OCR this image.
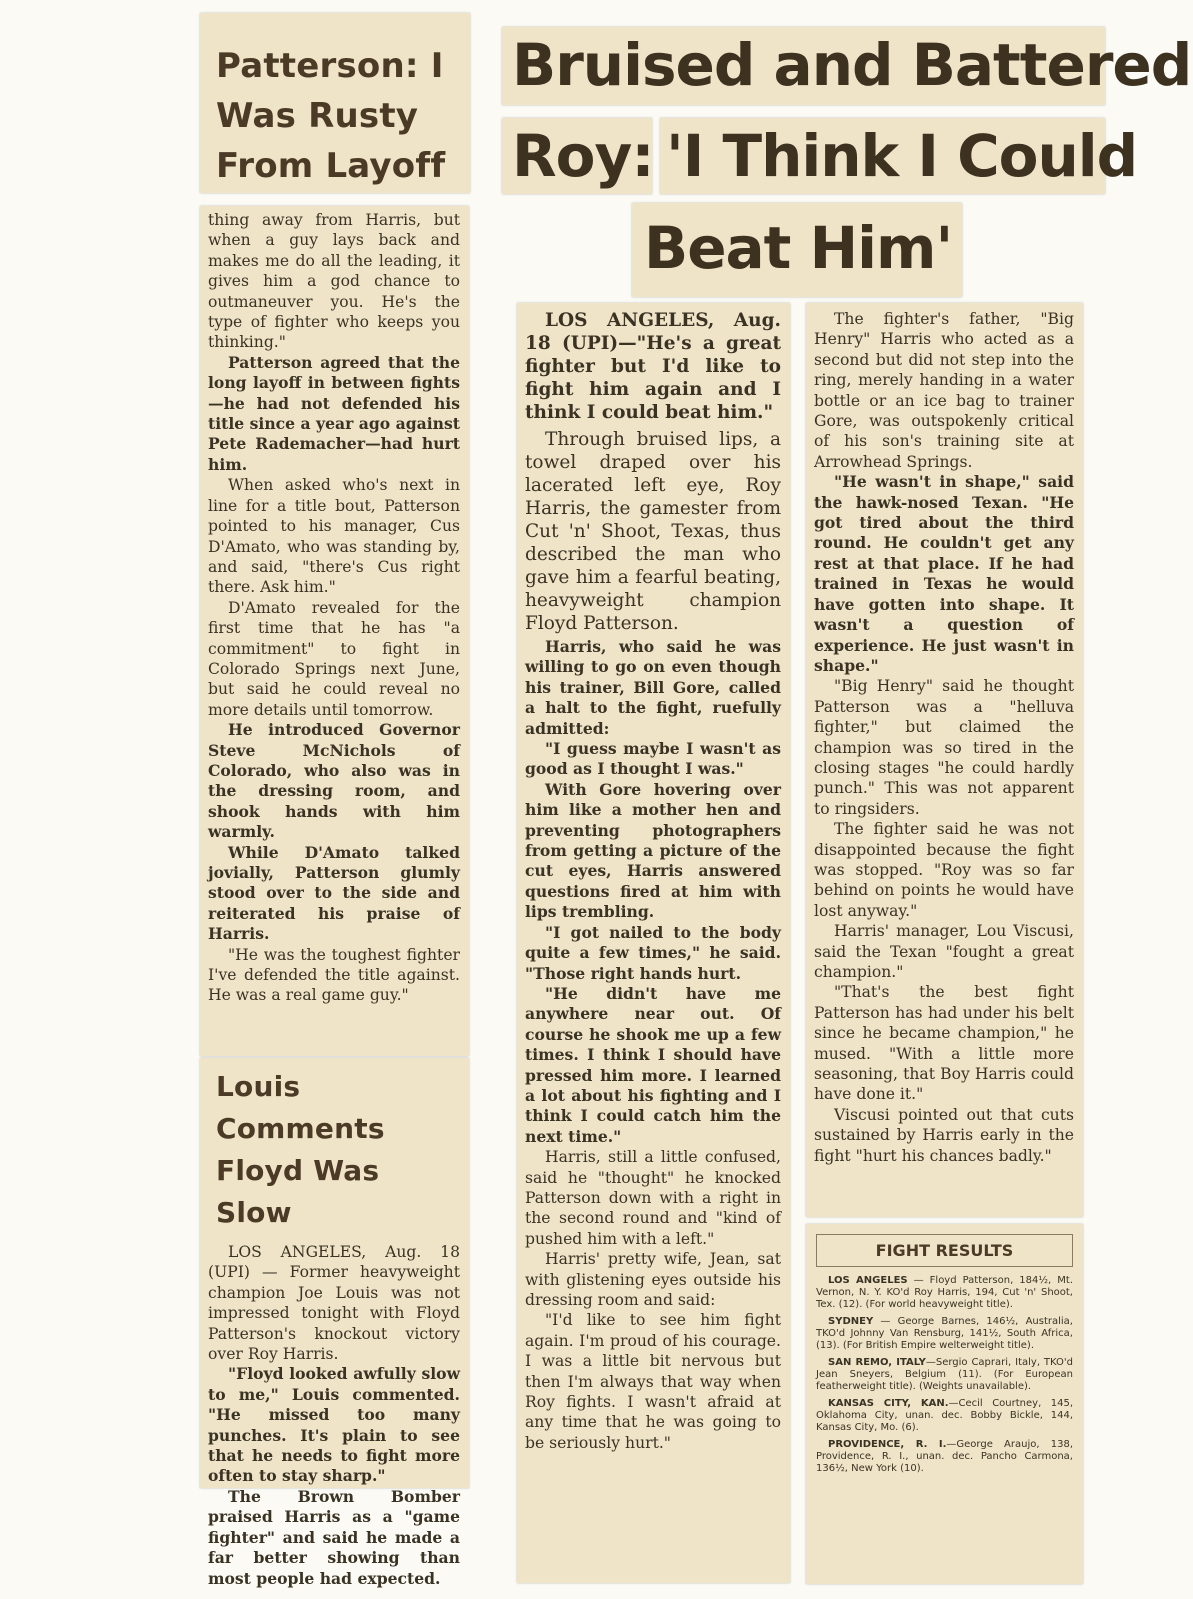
Patterson: I Was Rusty From Layoff

thing away from Harris, but when a guy lays back and makes me do all the leading, it gives him a god chance to outmaneuver you. He's the type of fighter who keeps you thinking."

Patterson agreed that the long layoff in between fights —he had not defended his title since a year ago against Pete Rademacher—had hurt him.

When asked who's next in line for a title bout, Patterson pointed to his manager, Cus D'Amato, who was standing by, and said, "there's Cus right there. Ask him."

D'Amato revealed for the first time that he has "a commitment" to fight in Colorado Springs next June, but said he could reveal no more details until tomorrow.

He introduced Governor Steve McNichols of Colorado, who also was in the dressing room, and shook hands with him warmly.

While D'Amato talked jovially, Patterson glumly stood over to the side and reiterated his praise of Harris.

"He was the toughest fighter I've defended the title against. He was a real game guy."

Louis Comments Floyd Was Slow

LOS ANGELES, Aug. 18 (UPI) — Former heavyweight champion Joe Louis was not impressed tonight with Floyd Patterson's knockout victory over Roy Harris.

"Floyd looked awfully slow to me," Louis commented. "He missed too many punches. It's plain to see that he needs to fight more often to stay sharp."

The Brown Bomber praised Harris as a "game fighter" and said he made a far better showing than most people had expected.

Bruised and Battered
Roy: 'I Think I Could
Beat Him'

LOS ANGELES, Aug. 18 (UPI)—"He's a great fighter but I'd like to fight him again and I think I could beat him."

Through bruised lips, a towel draped over his lacerated left eye, Roy Harris, the gamester from Cut 'n' Shoot, Texas, thus described the man who gave him a fearful beating, heavyweight champion Floyd Patterson.

Harris, who said he was willing to go on even though his trainer, Bill Gore, called a halt to the fight, ruefully admitted:

"I guess maybe I wasn't as good as I thought I was."

With Gore hovering over him like a mother hen and preventing photographers from getting a picture of the cut eyes, Harris answered questions fired at him with lips trembling.

"I got nailed to the body quite a few times," he said. "Those right hands hurt.

"He didn't have me anywhere near out. Of course he shook me up a few times. I think I should have pressed him more. I learned a lot about his fighting and I think I could catch him the next time."

Harris, still a little confused, said he "thought" he knocked Patterson down with a right in the second round and "kind of pushed him with a left."

Harris' pretty wife, Jean, sat with glistening eyes outside his dressing room and said:

"I'd like to see him fight again. I'm proud of his courage. I was a little bit nervous but then I'm always that way when Roy fights. I wasn't afraid at any time that he was going to be seriously hurt."

The fighter's father, "Big Henry" Harris who acted as a second but did not step into the ring, merely handing in a water bottle or an ice bag to trainer Gore, was outspokenly critical of his son's training site at Arrowhead Springs.

"He wasn't in shape," said the hawk-nosed Texan. "He got tired about the third round. He couldn't get any rest at that place. If he had trained in Texas he would have gotten into shape. It wasn't a question of experience. He just wasn't in shape."

"Big Henry" said he thought Patterson was a "helluva fighter," but claimed the champion was so tired in the closing stages "he could hardly punch." This was not apparent to ringsiders.

The fighter said he was not disappointed because the fight was stopped. "Roy was so far behind on points he would have lost anyway."

Harris' manager, Lou Viscusi, said the Texan "fought a great champion."

"That's the best fight Patterson has had under his belt since he became champion," he mused. "With a little more seasoning, that Boy Harris could have done it."

Viscusi pointed out that cuts sustained by Harris early in the fight "hurt his chances badly."

FIGHT RESULTS

LOS ANGELES — Floyd Patterson, 184½, Mt. Vernon, N. Y. KO'd Roy Harris, 194, Cut 'n' Shoot, Tex. (12). (For world heavyweight title).

SYDNEY — George Barnes, 146½, Australia, TKO'd Johnny Van Rensburg, 141½, South Africa, (13). (For British Empire welterweight title).

SAN REMO, ITALY—Sergio Caprari, Italy, TKO'd Jean Sneyers, Belgium (11). (For European featherweight title). (Weights unavailable).

KANSAS CITY, KAN.—Cecil Courtney, 145, Oklahoma City, unan. dec. Bobby Bickle, 144, Kansas City, Mo. (6).

PROVIDENCE, R. I.—George Araujo, 138, Providence, R. I., unan. dec. Pancho Carmona, 136½, New York (10).
